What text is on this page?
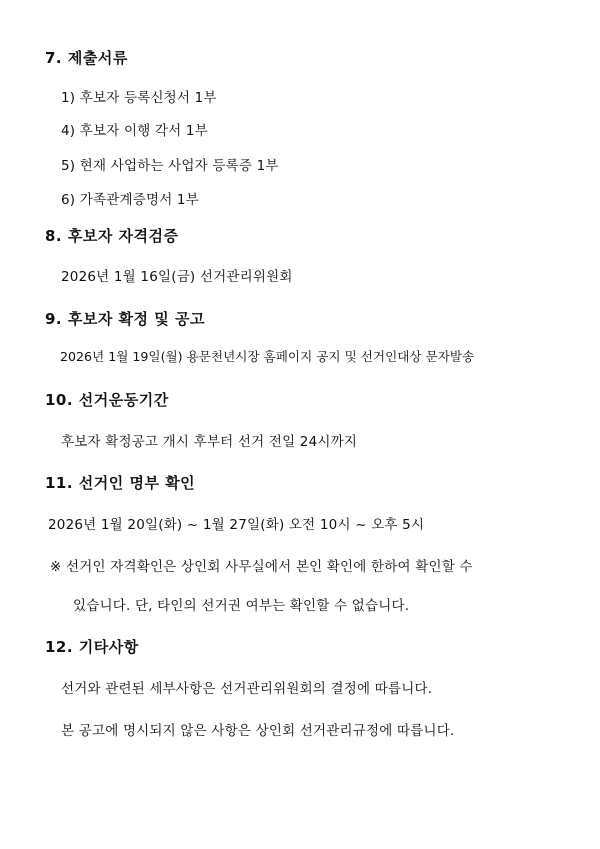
7. 제출서류
1) 후보자 등록신청서 1부
4) 후보자 이행 각서 1부
5) 현재 사업하는 사업자 등록증 1부
6) 가족관계증명서 1부
8. 후보자 자격검증
2026년 1월 16일(금) 선거관리위원회
9. 후보자 확정 및 공고
2026년 1월 19일(월) 용문천년시장 홈페이지 공지 및 선거인대상 문자발송
10. 선거운동기간
후보자 확정공고 개시 후부터 선거 전일 24시까지
11. 선거인 명부 확인
2026년 1월 20일(화) ~ 1월 27일(화) 오전 10시 ~ 오후 5시
※ 선거인 자격확인은 상인회 사무실에서 본인 확인에 한하여 확인할 수
있습니다. 단, 타인의 선거권 여부는 확인할 수 없습니다.
12. 기타사항
선거와 관련된 세부사항은 선거관리위원회의 결정에 따릅니다.
본 공고에 명시되지 않은 사항은 상인회 선거관리규정에 따릅니다.
